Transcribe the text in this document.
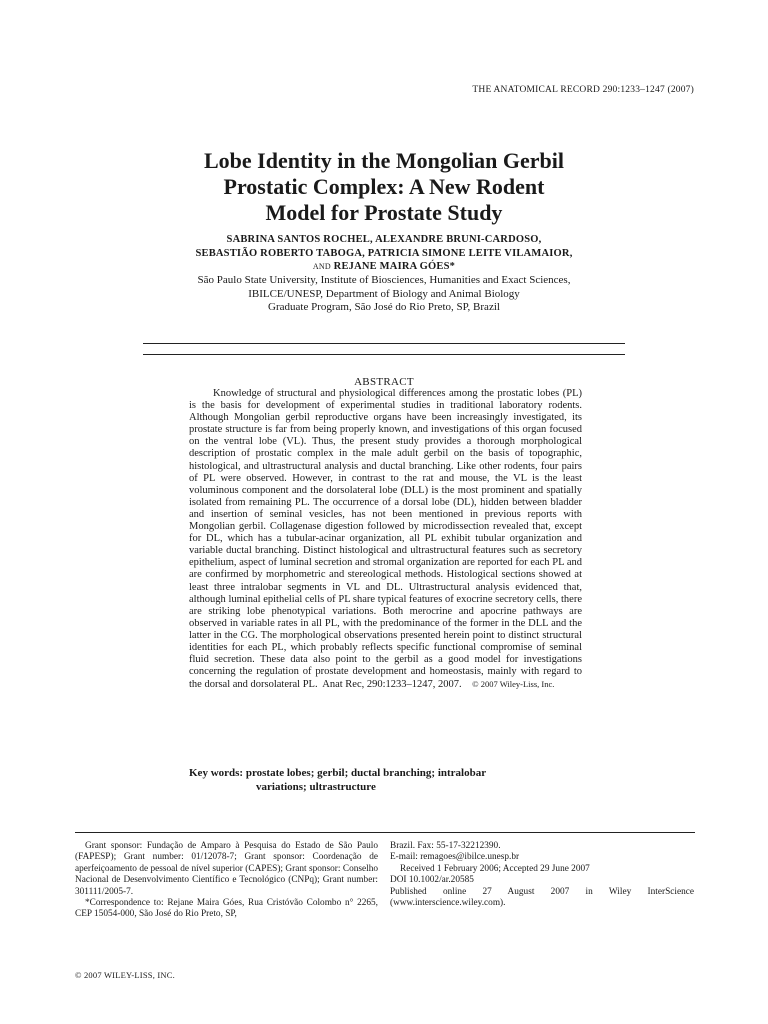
THE ANATOMICAL RECORD 290:1233–1247 (2007)
Lobe Identity in the Mongolian Gerbil
Prostatic Complex: A New Rodent
Model for Prostate Study
SABRINA SANTOS ROCHEL, ALEXANDRE BRUNI-CARDOSO,
SEBASTIÃO ROBERTO TABOGA, PATRICIA SIMONE LEITE VILAMAIOR,
AND REJANE MAIRA GÓES*
São Paulo State University, Institute of Biosciences, Humanities and Exact Sciences,
IBILCE/UNESP, Department of Biology and Animal Biology
Graduate Program, São José do Rio Preto, SP, Brazil
ABSTRACT

Knowledge of structural and physiological differences among the prostatic lobes (PL) is the basis for development of experimental studies in traditional laboratory rodents. Although Mongolian gerbil reproductive organs have been increasingly investigated, its prostate structure is far from being properly known, and investigations of this organ focused on the ventral lobe (VL). Thus, the present study provides a thorough morphological description of prostatic complex in the male adult gerbil on the basis of topographic, histological, and ultrastructural analysis and ductal branching. Like other rodents, four pairs of PL were observed. However, in contrast to the rat and mouse, the VL is the least voluminous component and the dorsolateral lobe (DLL) is the most prominent and spatially isolated from remaining PL. The occurrence of a dorsal lobe (DL), hidden between bladder and insertion of seminal vesicles, has not been mentioned in previous reports with Mongolian gerbil. Collagenase digestion followed by microdissection revealed that, except for DL, which has a tubular-acinar organization, all PL exhibit tubular organization and variable ductal branching. Distinct histological and ultrastructural features such as secretory epithelium, aspect of luminal secretion and stromal organization are reported for each PL and are confirmed by morphometric and stereological methods. Histological sections showed at least three intralobar segments in VL and DL. Ultrastructural analysis evidenced that, although luminal epithelial cells of PL share typical features of exocrine secretory cells, there are striking lobe phenotypical variations. Both merocrine and apocrine pathways are observed in variable rates in all PL, with the predominance of the former in the DLL and the latter in the CG. The morphological observations presented herein point to distinct structural identities for each PL, which probably reflects specific functional compromise of seminal fluid secretion. These data also point to the gerbil as a good model for investigations concerning the regulation of prostate development and homeostasis, mainly with regard to the dorsal and dorsolateral PL. Anat Rec, 290:1233–1247, 2007. © 2007 Wiley-Liss, Inc.

Key words: prostate lobes; gerbil; ductal branching; intralobar
variations; ultrastructure

Grant sponsor: Fundação de Amparo à Pesquisa do Estado de São Paulo (FAPESP); Grant number: 01/12078-7; Grant sponsor: Coordenação de aperfeiçoamento de pessoal de nível superior (CAPES); Grant sponsor: Conselho Nacional de Desenvolvimento Científico e Tecnológico (CNPq); Grant number: 301111/2005-7.

*Correspondence to: Rejane Maira Góes, Rua Cristóvão Colombo n° 2265, CEP 15054-000, São José do Rio Preto, SP,

Brazil. Fax: 55-17-32212390.

E-mail: remagoes@ibilce.unesp.br

Received 1 February 2006; Accepted 29 June 2007

DOI 10.1002/ar.20585

Published online 27 August 2007 in Wiley InterScience (www.interscience.wiley.com).

© 2007 WILEY-LISS, INC.
